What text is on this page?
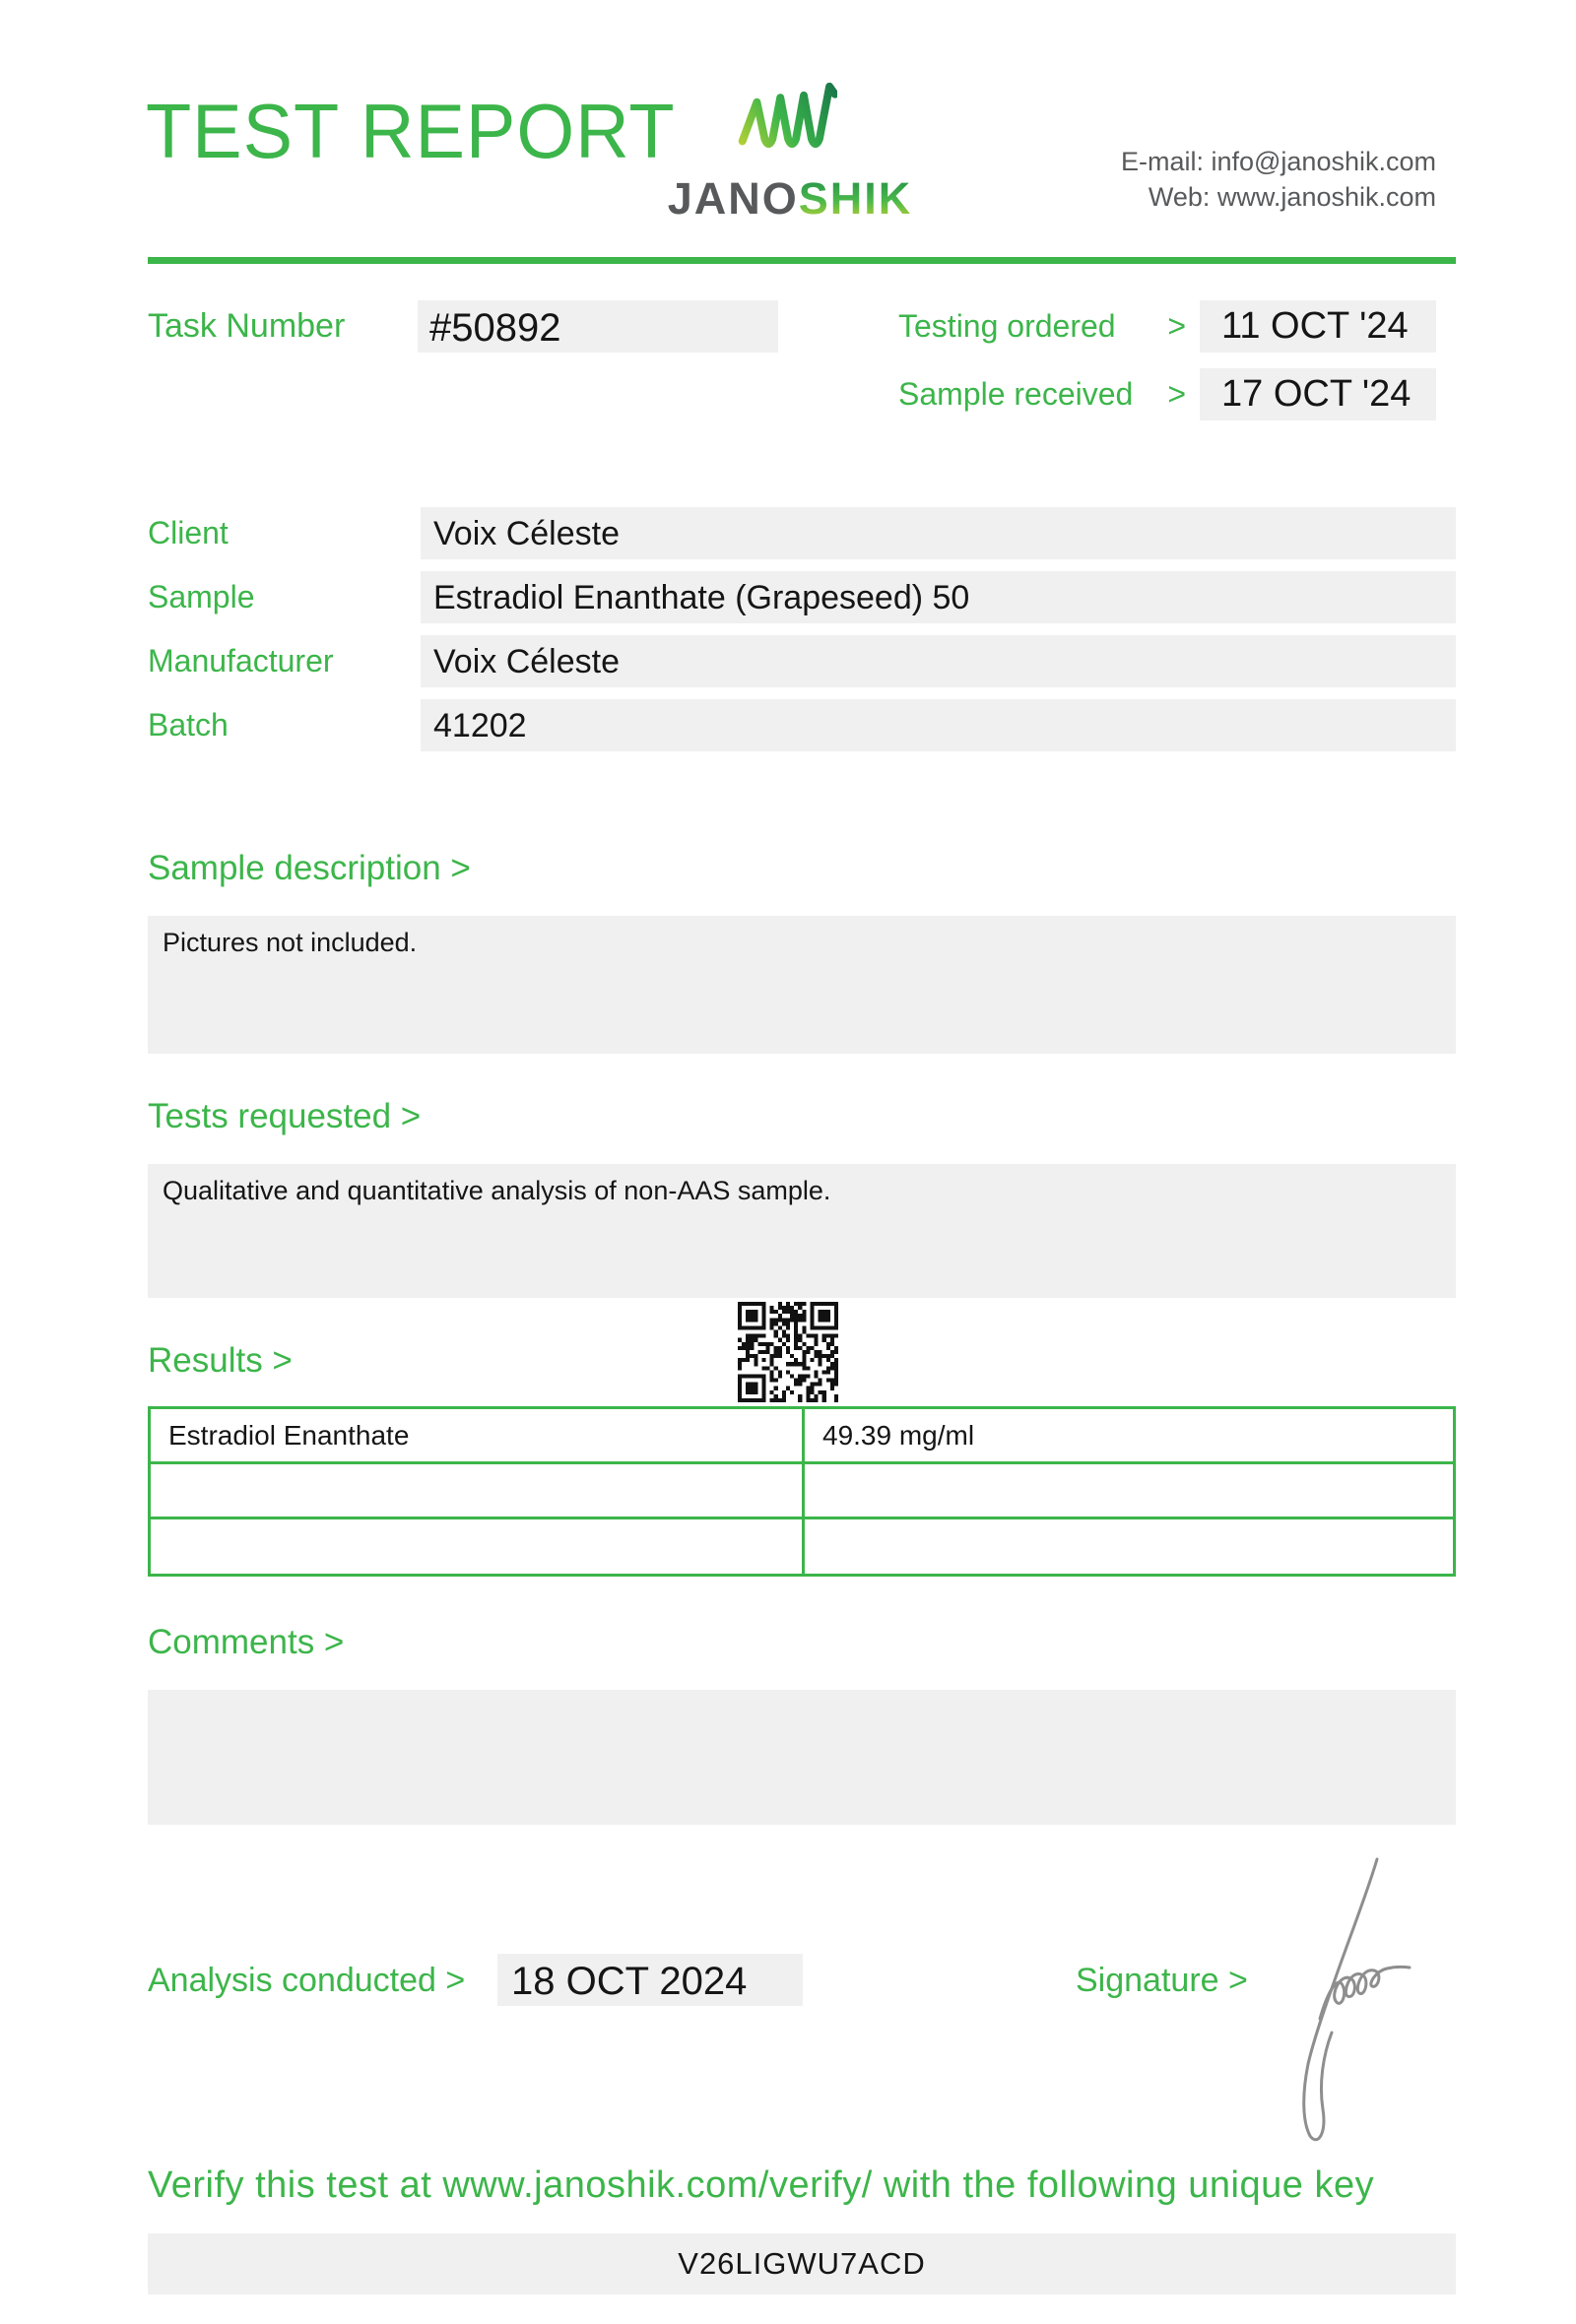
TEST REPORT
JANOSHIK
E-mail: info@janoshik.com
Web: www.janoshik.com
Task Number #50892	Testing ordered > 11 OCT '24
Sample received > 17 OCT '24
Client	Voix Céleste
Sample	Estradiol Enanthate (Grapeseed) 50
Manufacturer	Voix Céleste
Batch	41202
Sample description >
Pictures not included.
Tests requested >
Qualitative and quantitative analysis of non-AAS sample.
Results >
Estradiol Enanthate	49.39 mg/ml
Comments >
Analysis conducted > 18 OCT 2024	Signature >
Verify this test at www.janoshik.com/verify/ with the following unique key
V26LIGWU7ACD
